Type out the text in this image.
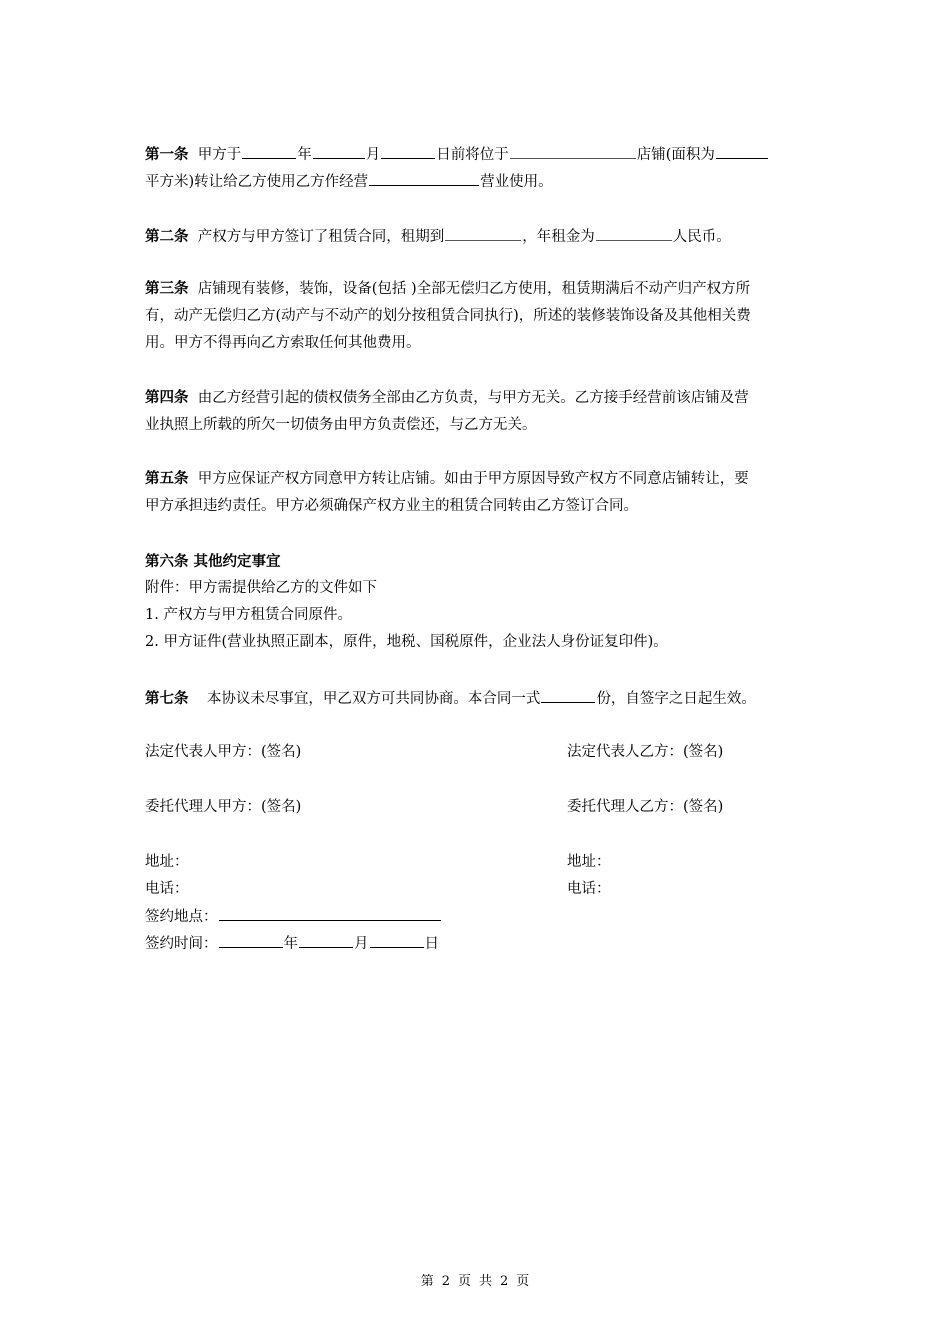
第一条 甲方于	年	月	日前将位于	店铺(面积为
平方米)转让给乙方使用乙方作经营	营业使用。
第二条 产权方与甲方签订了租赁合同，租期到	，年租金为	人民币。
第三条 店铺现有装修，装饰，设备(包括 )全部无偿归乙方使用，租赁期满后不动产归产权方所
有，动产无偿归乙方(动产与不动产的划分按租赁合同执行)，所述的装修装饰设备及其他相关费
用。甲方不得再向乙方索取任何其他费用。
第四条 由乙方经营引起的债权债务全部由乙方负责，与甲方无关。乙方接手经营前该店铺及营
业执照上所载的所欠一切债务由甲方负责偿还，与乙方无关。
第五条 甲方应保证产权方同意甲方转让店铺。如由于甲方原因导致产权方不同意店铺转让，要
甲方承担违约责任。甲方必须确保产权方业主的租赁合同转由乙方签订合同。
第六条 其他约定事宜
附件：甲方需提供给乙方的文件如下
1. 产权方与甲方租赁合同原件。
2. 甲方证件(营业执照正副本，原件，地税、国税原件，企业法人身份证复印件)。
第七条 本协议未尽事宜，甲乙双方可共同协商。本合同一式	份，自签字之日起生效。
法定代表人甲方：(签名)	法定代表人乙方：(签名)
委托代理人甲方：(签名)	委托代理人乙方：(签名)
地址：	地址：
电话：	电话：
签约地点：
签约时间：	年	月	日
第 2 页 共 2 页
